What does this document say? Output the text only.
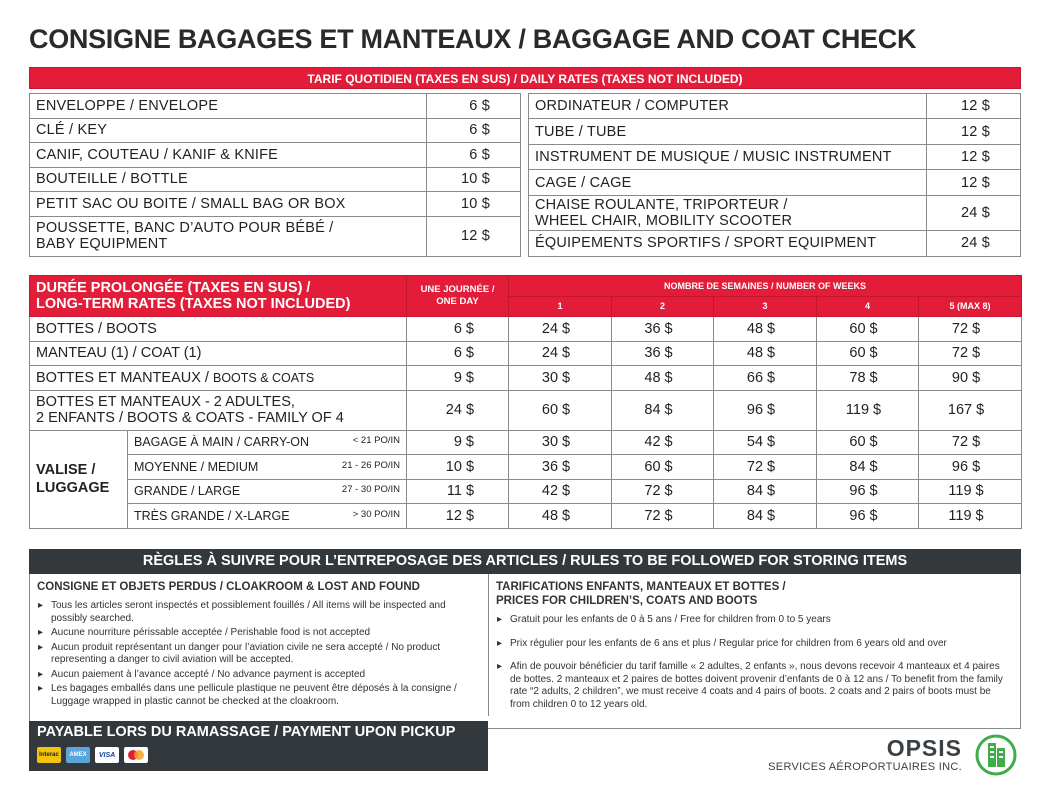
CONSIGNE BAGAGES ET MANTEAUX / BAGGAGE AND COAT CHECK
TARIF QUOTIDIEN (TAXES EN SUS) / DAILY RATES (TAXES NOT INCLUDED)
ENVELOPPE / ENVELOPE	6 $
CLÉ / KEY	6 $
CANIF, COUTEAU / KANIF & KNIFE	6 $
BOUTEILLE / BOTTLE	10 $
PETIT SAC OU BOITE / SMALL BAG OR BOX	10 $
POUSSETTE, BANC D’AUTO POUR BÉBÉ /
BABY EQUIPMENT	12 $
ORDINATEUR / COMPUTER	12 $
TUBE / TUBE	12 $
INSTRUMENT DE MUSIQUE / MUSIC INSTRUMENT	12 $
CAGE / CAGE	12 $
CHAISE ROULANTE, TRIPORTEUR /
WHEEL CHAIR, MOBILITY SCOOTER	24 $
ÉQUIPEMENTS SPORTIFS / SPORT EQUIPMENT	24 $
DURÉE PROLONGÉE (TAXES EN SUS) /
LONG-TERM RATES (TAXES NOT INCLUDED)		UNE JOURNÉE /
ONE DAY	NOMBRE DE SEMAINES / NUMBER OF WEEKS				
			1	2	3	4	5 (MAX 8)
BOTTES / BOOTS		6 $	24 $	36 $	48 $	60 $	72 $
MANTEAU (1) / COAT (1)		6 $	24 $	36 $	48 $	60 $	72 $
BOTTES ET MANTEAUX / BOOTS & COATS		9 $	30 $	48 $	66 $	78 $	90 $
BOTTES ET MANTEAUX - 2 ADULTES,
2 ENFANTS / BOOTS & COATS - FAMILY OF 4		24 $	60 $	84 $	96 $	119 $	167 $
VALISE /
LUGGAGE	BAGAGE À MAIN / CARRY-ON < 21 PO/IN	9 $	30 $	42 $	54 $	60 $	72 $
	MOYENNE / MEDIUM 21 - 26 PO/IN	10 $	36 $	60 $	72 $	84 $	96 $
	GRANDE / LARGE 27 - 30 PO/IN	11 $	42 $	72 $	84 $	96 $	119 $
	TRÈS GRANDE / X-LARGE > 30 PO/IN	12 $	48 $	72 $	84 $	96 $	119 $
RÈGLES À SUIVRE POUR L’ENTREPOSAGE DES ARTICLES / RULES TO BE FOLLOWED FOR STORING ITEMS
CONSIGNE ET OBJETS PERDUS / CLOAKROOM & LOST AND FOUND
▸ Tous les articles seront inspectés et possiblement fouillés / All items will be inspected and possibly searched.
▸ Aucune nourriture périssable acceptée / Perishable food is not accepted
▸ Aucun produit représentant un danger pour l’aviation civile ne sera accepté / No product representing a danger to civil aviation will be accepted.
▸ Aucun paiement à l’avance accepté / No advance payment is accepted
▸ Les bagages emballés dans une pellicule plastique ne peuvent être déposés à la consigne / Luggage wrapped in plastic cannot be checked at the cloakroom.
TARIFICATIONS ENFANTS, MANTEAUX ET BOTTES /
PRICES FOR CHILDREN’S, COATS AND BOOTS
▸ Gratuit pour les enfants de 0 à 5 ans / Free for children from 0 to 5 years
▸ Prix régulier pour les enfants de 6 ans et plus / Regular price for children from 6 years old and over
▸ Afin de pouvoir bénéficier du tarif famille « 2 adultes, 2 enfants », nous devons recevoir 4 manteaux et 4 paires de bottes. 2 manteaux et 2 paires de bottes doivent provenir d’enfants de 0 à 12 ans / To benefit from the family rate “2 adults, 2 children”, we must receive 4 coats and 4 pairs of boots. 2 coats and 2 pairs of boots must be from children 0 to 12 years old.
PAYABLE LORS DU RAMASSAGE / PAYMENT UPON PICKUP
Interac	AMEX	VISA	OPSIS
SERVICES AÉROPORTUAIRES INC.
